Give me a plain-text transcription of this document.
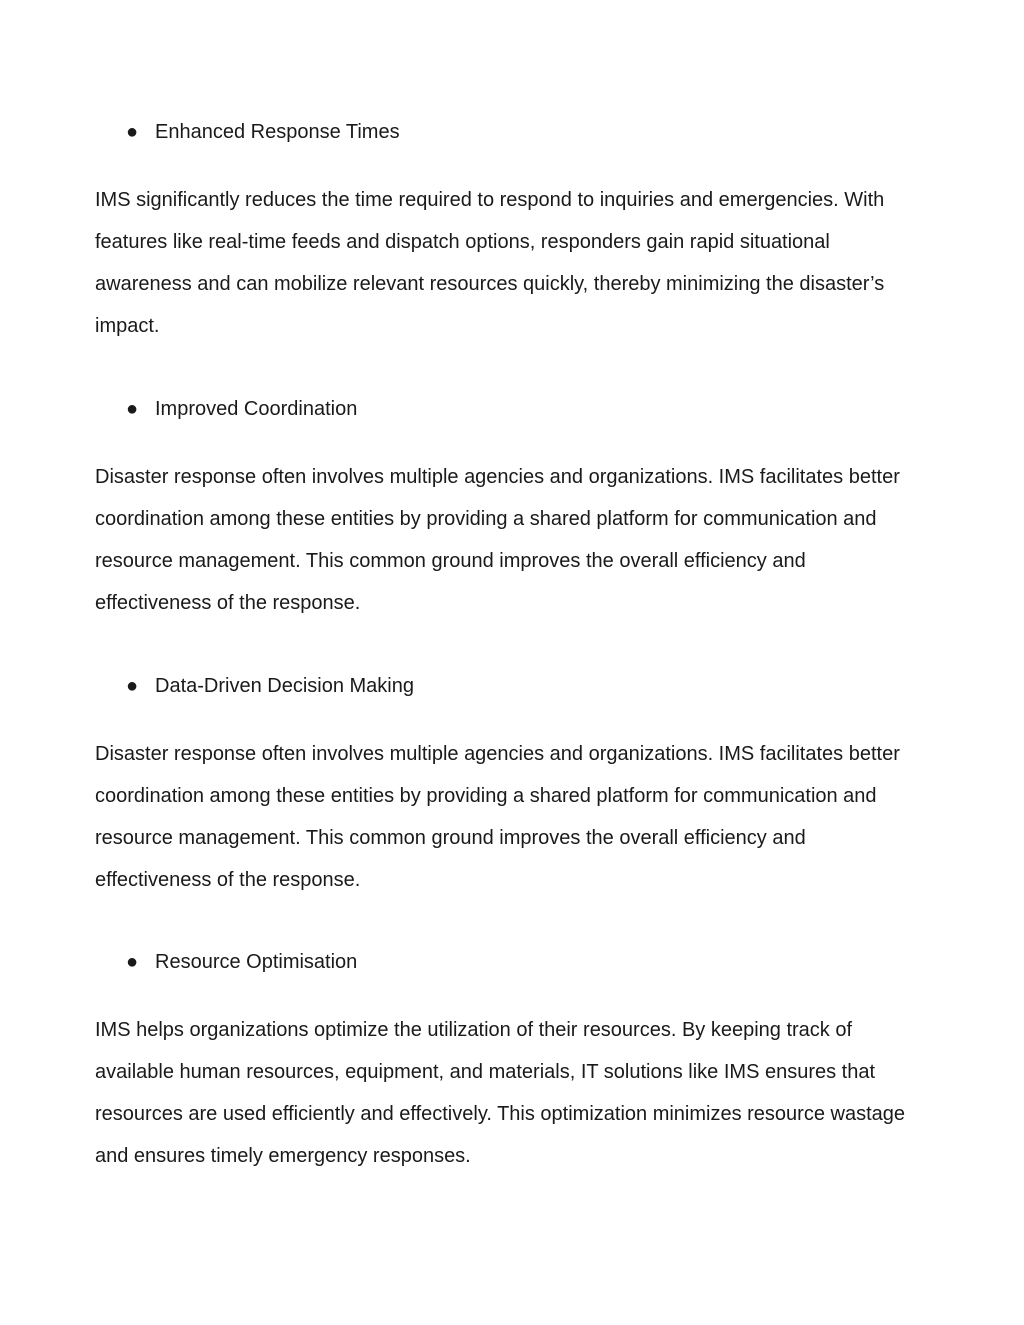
● Enhanced Response Times

IMS significantly reduces the time required to respond to inquiries and emergencies. With
features like real-time feeds and dispatch options, responders gain rapid situational
awareness and can mobilize relevant resources quickly, thereby minimizing the disaster’s
impact.

● Improved Coordination

Disaster response often involves multiple agencies and organizations. IMS facilitates better
coordination among these entities by providing a shared platform for communication and
resource management. This common ground improves the overall efficiency and
effectiveness of the response.

● Data-Driven Decision Making

Disaster response often involves multiple agencies and organizations. IMS facilitates better
coordination among these entities by providing a shared platform for communication and
resource management. This common ground improves the overall efficiency and
effectiveness of the response.

● Resource Optimisation

IMS helps organizations optimize the utilization of their resources. By keeping track of
available human resources, equipment, and materials, IT solutions like IMS ensures that
resources are used efficiently and effectively. This optimization minimizes resource wastage
and ensures timely emergency responses.
